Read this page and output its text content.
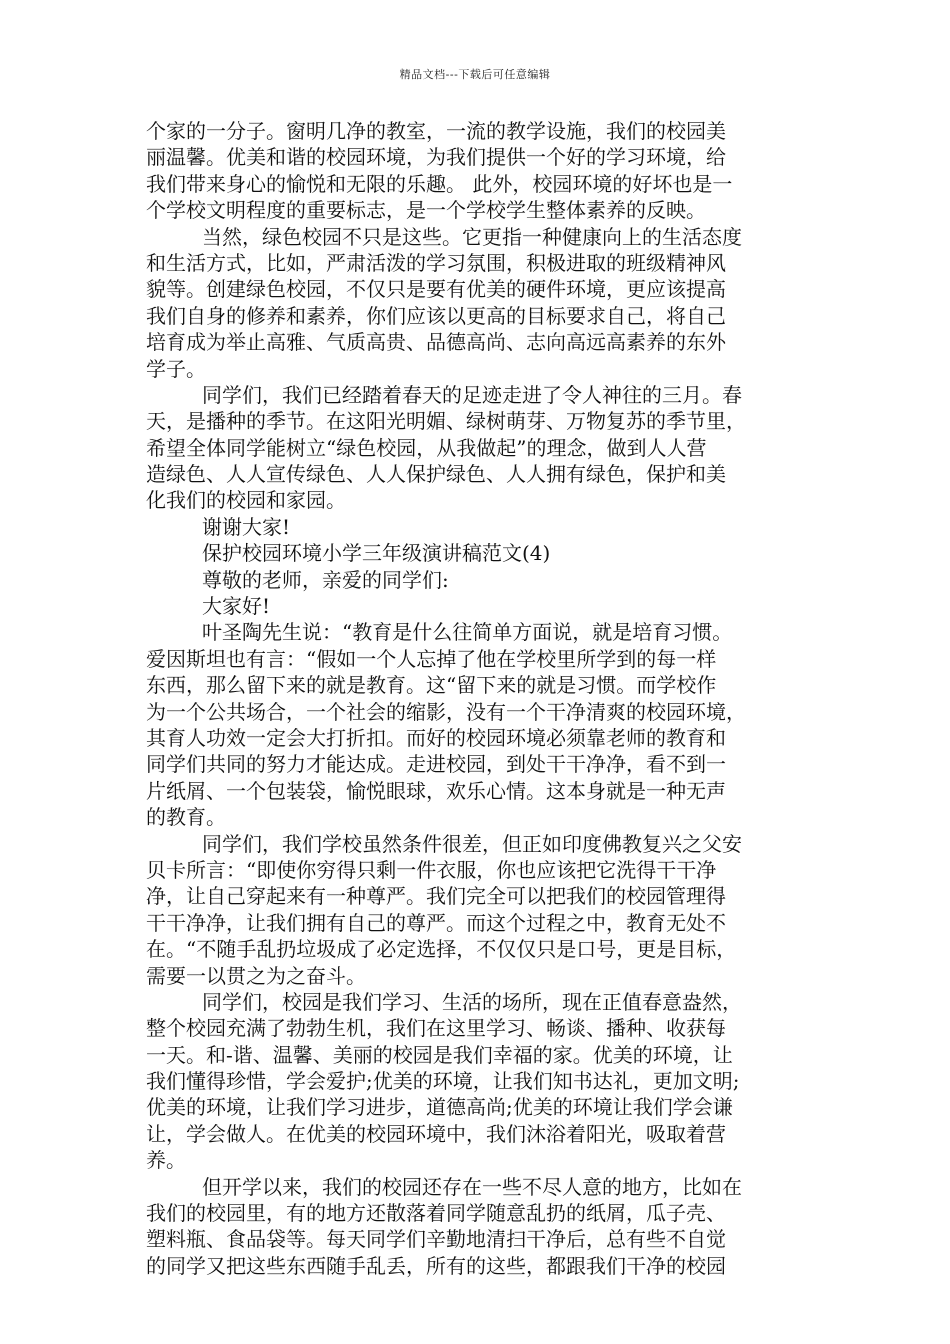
精品文档---下载后可任意编辑
个家的一分子。窗明几净的教室，一流的教学设施，我们的校园美
丽温馨。优美和谐的校园环境，为我们提供一个好的学习环境，给
我们带来身心的愉悦和无限的乐趣。 此外，校园环境的好坏也是一
个学校文明程度的重要标志，是一个学校学生整体素养的反映。
当然，绿色校园不只是这些。它更指一种健康向上的生活态度
和生活方式，比如，严肃活泼的学习氛围，积极进取的班级精神风
貌等。创建绿色校园，不仅只是要有优美的硬件环境，更应该提高
我们自身的修养和素养，你们应该以更高的目标要求自己，将自己
培育成为举止高雅、气质高贵、品德高尚、志向高远高素养的东外
学子。
同学们，我们已经踏着春天的足迹走进了令人神往的三月。春
天，是播种的季节。在这阳光明媚、绿树萌芽、万物复苏的季节里，
希望全体同学能树立“绿色校园，从我做起”的理念，做到人人营
造绿色、人人宣传绿色、人人保护绿色、人人拥有绿色，保护和美
化我们的校园和家园。
谢谢大家!
保护校园环境小学三年级演讲稿范文(4)
尊敬的老师，亲爱的同学们:
大家好!
叶圣陶先生说：“教育是什么往简单方面说，就是培育习惯。
爱因斯坦也有言：“假如一个人忘掉了他在学校里所学到的每一样
东西，那么留下来的就是教育。这“留下来的就是习惯。而学校作
为一个公共场合，一个社会的缩影，没有一个干净清爽的校园环境，
其育人功效一定会大打折扣。而好的校园环境必须靠老师的教育和
同学们共同的努力才能达成。走进校园，到处干干净净，看不到一
片纸屑、一个包装袋，愉悦眼球，欢乐心情。这本身就是一种无声
的教育。
同学们，我们学校虽然条件很差，但正如印度佛教复兴之父安
贝卡所言：“即使你穷得只剩一件衣服，你也应该把它洗得干干净
净，让自己穿起来有一种尊严。我们完全可以把我们的校园管理得
干干净净，让我们拥有自己的尊严。而这个过程之中，教育无处不
在。“不随手乱扔垃圾成了必定选择，不仅仅只是口号，更是目标，
需要一以贯之为之奋斗。
同学们，校园是我们学习、生活的场所，现在正值春意盎然，
整个校园充满了勃勃生机，我们在这里学习、畅谈、播种、收获每
一天。和-谐、温馨、美丽的校园是我们幸福的家。优美的环境，让
我们懂得珍惜，学会爱护;优美的环境，让我们知书达礼，更加文明;
优美的环境，让我们学习进步，道德高尚;优美的环境让我们学会谦
让，学会做人。在优美的校园环境中，我们沐浴着阳光，吸取着营
养。
但开学以来，我们的校园还存在一些不尽人意的地方，比如在
我们的校园里，有的地方还散落着同学随意乱扔的纸屑，瓜子壳、
塑料瓶、食品袋等。每天同学们辛勤地清扫干净后，总有些不自觉
的同学又把这些东西随手乱丢，所有的这些，都跟我们干净的校园
